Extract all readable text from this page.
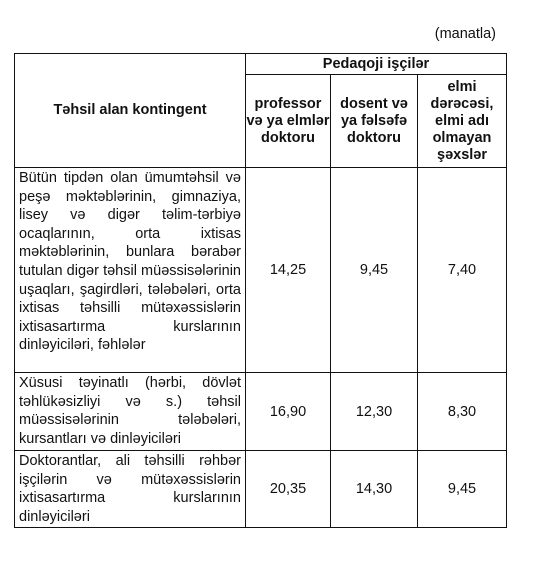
(manatla)
Təhsil alan kontingent	Pedaqoji işçilər		
	professor və ya elmlər doktoru	dosent və ya fəlsəfə doktoru	elmi dərəcəsi, elmi adı olmayan şəxslər
Bütün tipdən olan ümumtəhsil və peşə məktəblərinin, gimnaziya, lisey və digər təlim-tərbiyə ocaqlarının, orta ixtisas məktəblərinin, bunlara bərabər tutulan digər təhsil müəssisələrinin uşaqları, şagirdləri, tələbələri, orta ixtisas təhsilli mütəxəssislərin ixtisasartırma kurslarının dinləyiciləri, fəhlələr	14,25	9,45	7,40
Xüsusi təyinatlı (hərbi, dövlət təhlükəsizliyi və s.) təhsil müəssisələrinin tələbələri, kursantları və dinləyiciləri	16,90	12,30	8,30
Doktorantlar, ali təhsilli rəhbər işçilərin və mütəxəssislərin ixtisasartırma kurslarının dinləyiciləri	20,35	14,30	9,45
